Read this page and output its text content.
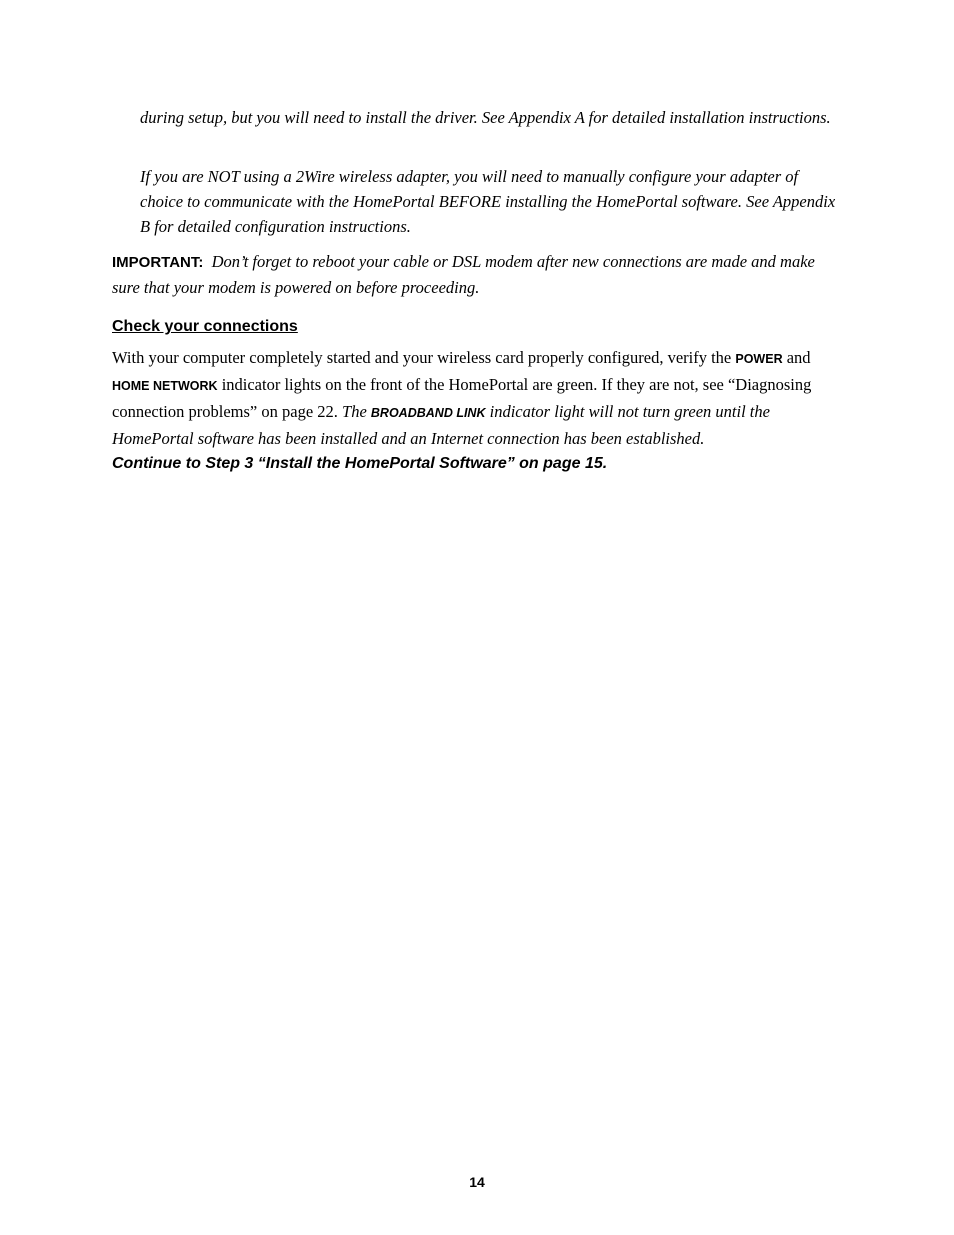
during setup, but you will need to install the driver. See Appendix A for detailed installation instructions.

If you are NOT using a 2Wire wireless adapter, you will need to manually configure your adapter of choice to communicate with the HomePortal BEFORE installing the HomePortal software. See Appendix B for detailed configuration instructions.

IMPORTANT: Don’t forget to reboot your cable or DSL modem after new connections are made and make sure that your modem is powered on before proceeding.

Check your connections

With your computer completely started and your wireless card properly configured, verify the POWER and
HOME NETWORK indicator lights on the front of the HomePortal are green. If they are not, see “Diagnosing connection problems” on page 22. The BROADBAND LINK indicator light will not turn green until the HomePortal software has been installed and an Internet connection has been established.

Continue to Step 3 “Install the HomePortal Software” on page 15.

14
